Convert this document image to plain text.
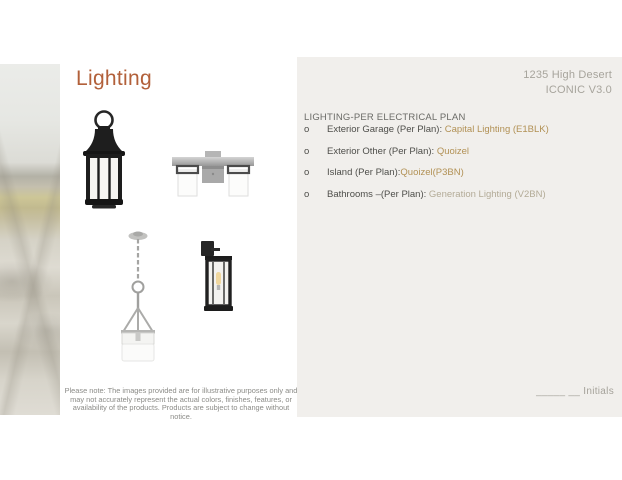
Lighting
Please note: The images provided are for illustrative purposes only and may not accurately represent the actual colors, finishes, features, or availability of the products. Products are subject to change without notice.
1235 High Desert
ICONIC V3.0
LIGHTING-PER ELECTRICAL PLAN
o	Exterior Garage (Per Plan): Capital Lighting (E1BLK)
o	Exterior Other (Per Plan): Quoizel
o	Island (Per Plan):Quoizel(P3BN)
o	Bathrooms –(Per Plan): Generation Lighting (V2BN)
_____ __ Initials
